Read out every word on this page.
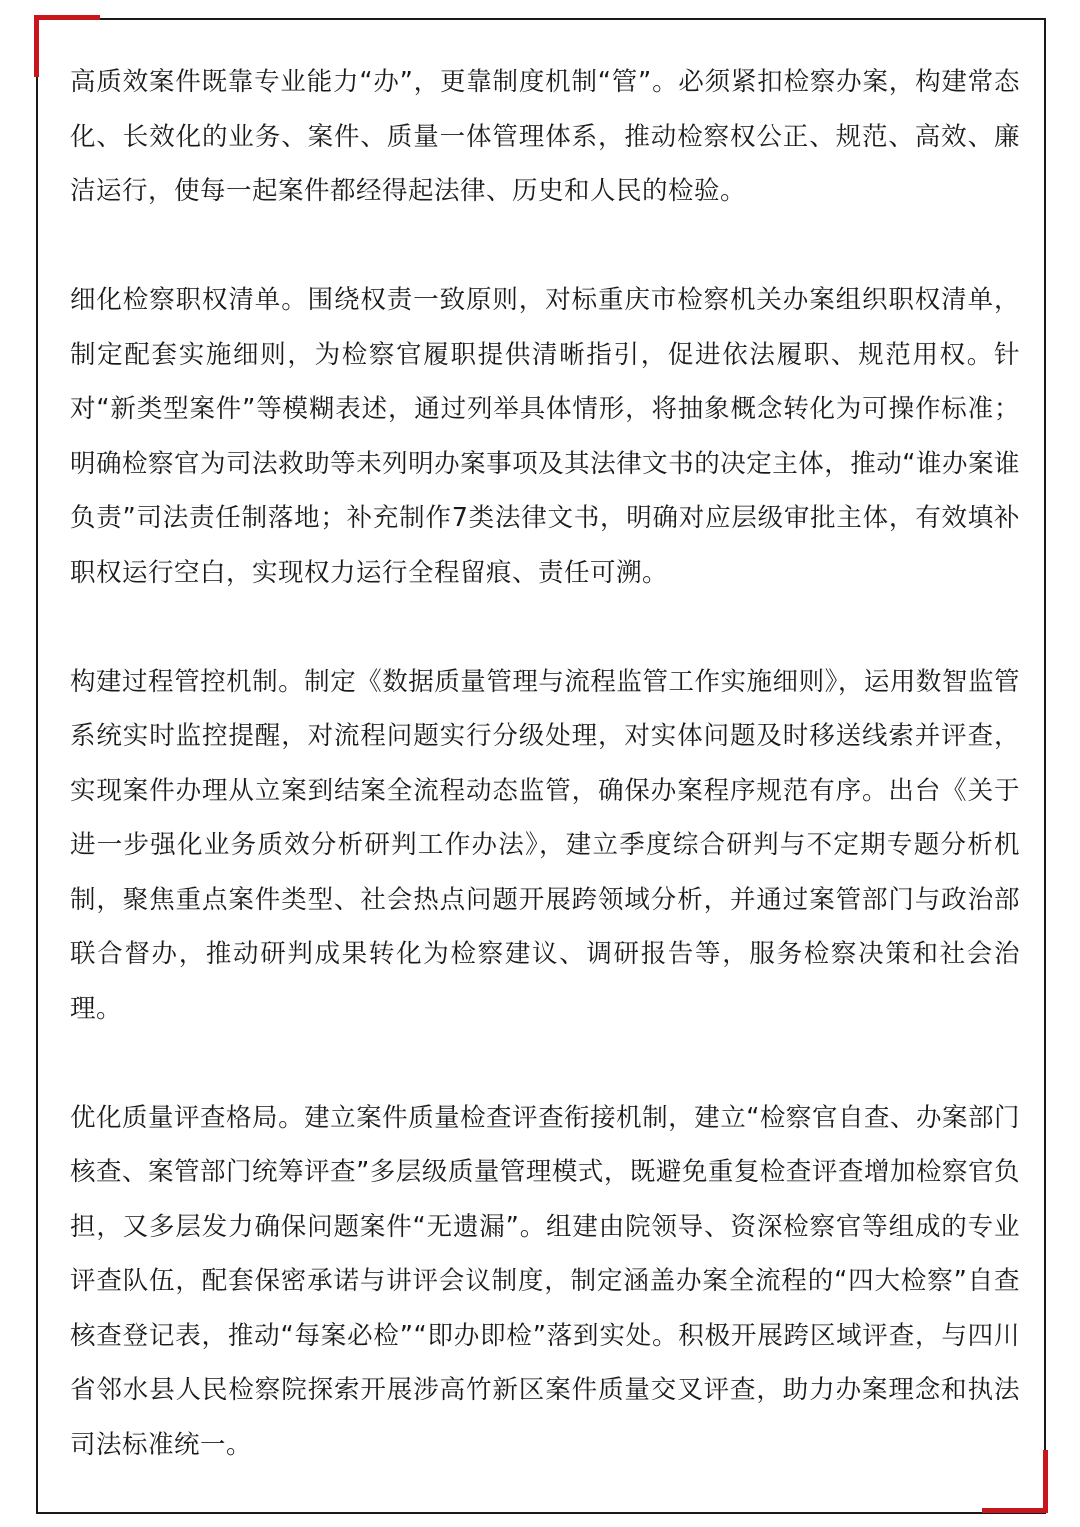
高质效案件既靠专业能力“办”，更靠制度机制“管”。必须紧扣检察办案，构建常态化、长效化的业务、案件、质量一体管理体系，推动检察权公正、规范、高效、廉洁运行，使每一起案件都经得起法律、历史和人民的检验。

细化检察职权清单。围绕权责一致原则，对标重庆市检察机关办案组织职权清单，制定配套实施细则，为检察官履职提供清晰指引，促进依法履职、规范用权。针对“新类型案件”等模糊表述，通过列举具体情形，将抽象概念转化为可操作标准；明确检察官为司法救助等未列明办案事项及其法律文书的决定主体，推动“谁办案谁负责”司法责任制落地；补充制作7类法律文书，明确对应层级审批主体，有效填补职权运行空白，实现权力运行全程留痕、责任可溯。

构建过程管控机制。制定《数据质量管理与流程监管工作实施细则》，运用数智监管系统实时监控提醒，对流程问题实行分级处理，对实体问题及时移送线索并评查，实现案件办理从立案到结案全流程动态监管，确保办案程序规范有序。出台《关于进一步强化业务质效分析研判工作办法》，建立季度综合研判与不定期专题分析机制，聚焦重点案件类型、社会热点问题开展跨领域分析，并通过案管部门与政治部联合督办，推动研判成果转化为检察建议、调研报告等，服务检察决策和社会治理。

优化质量评查格局。建立案件质量检查评查衔接机制，建立“检察官自查、办案部门核查、案管部门统筹评查”多层级质量管理模式，既避免重复检查评查增加检察官负担，又多层发力确保问题案件“无遗漏”。组建由院领导、资深检察官等组成的专业评查队伍，配套保密承诺与讲评会议制度，制定涵盖办案全流程的“四大检察”自查核查登记表，推动“每案必检”“即办即检”落到实处。积极开展跨区域评查，与四川省邻水县人民检察院探索开展涉高竹新区案件质量交叉评查，助力办案理念和执法司法标准统一。
